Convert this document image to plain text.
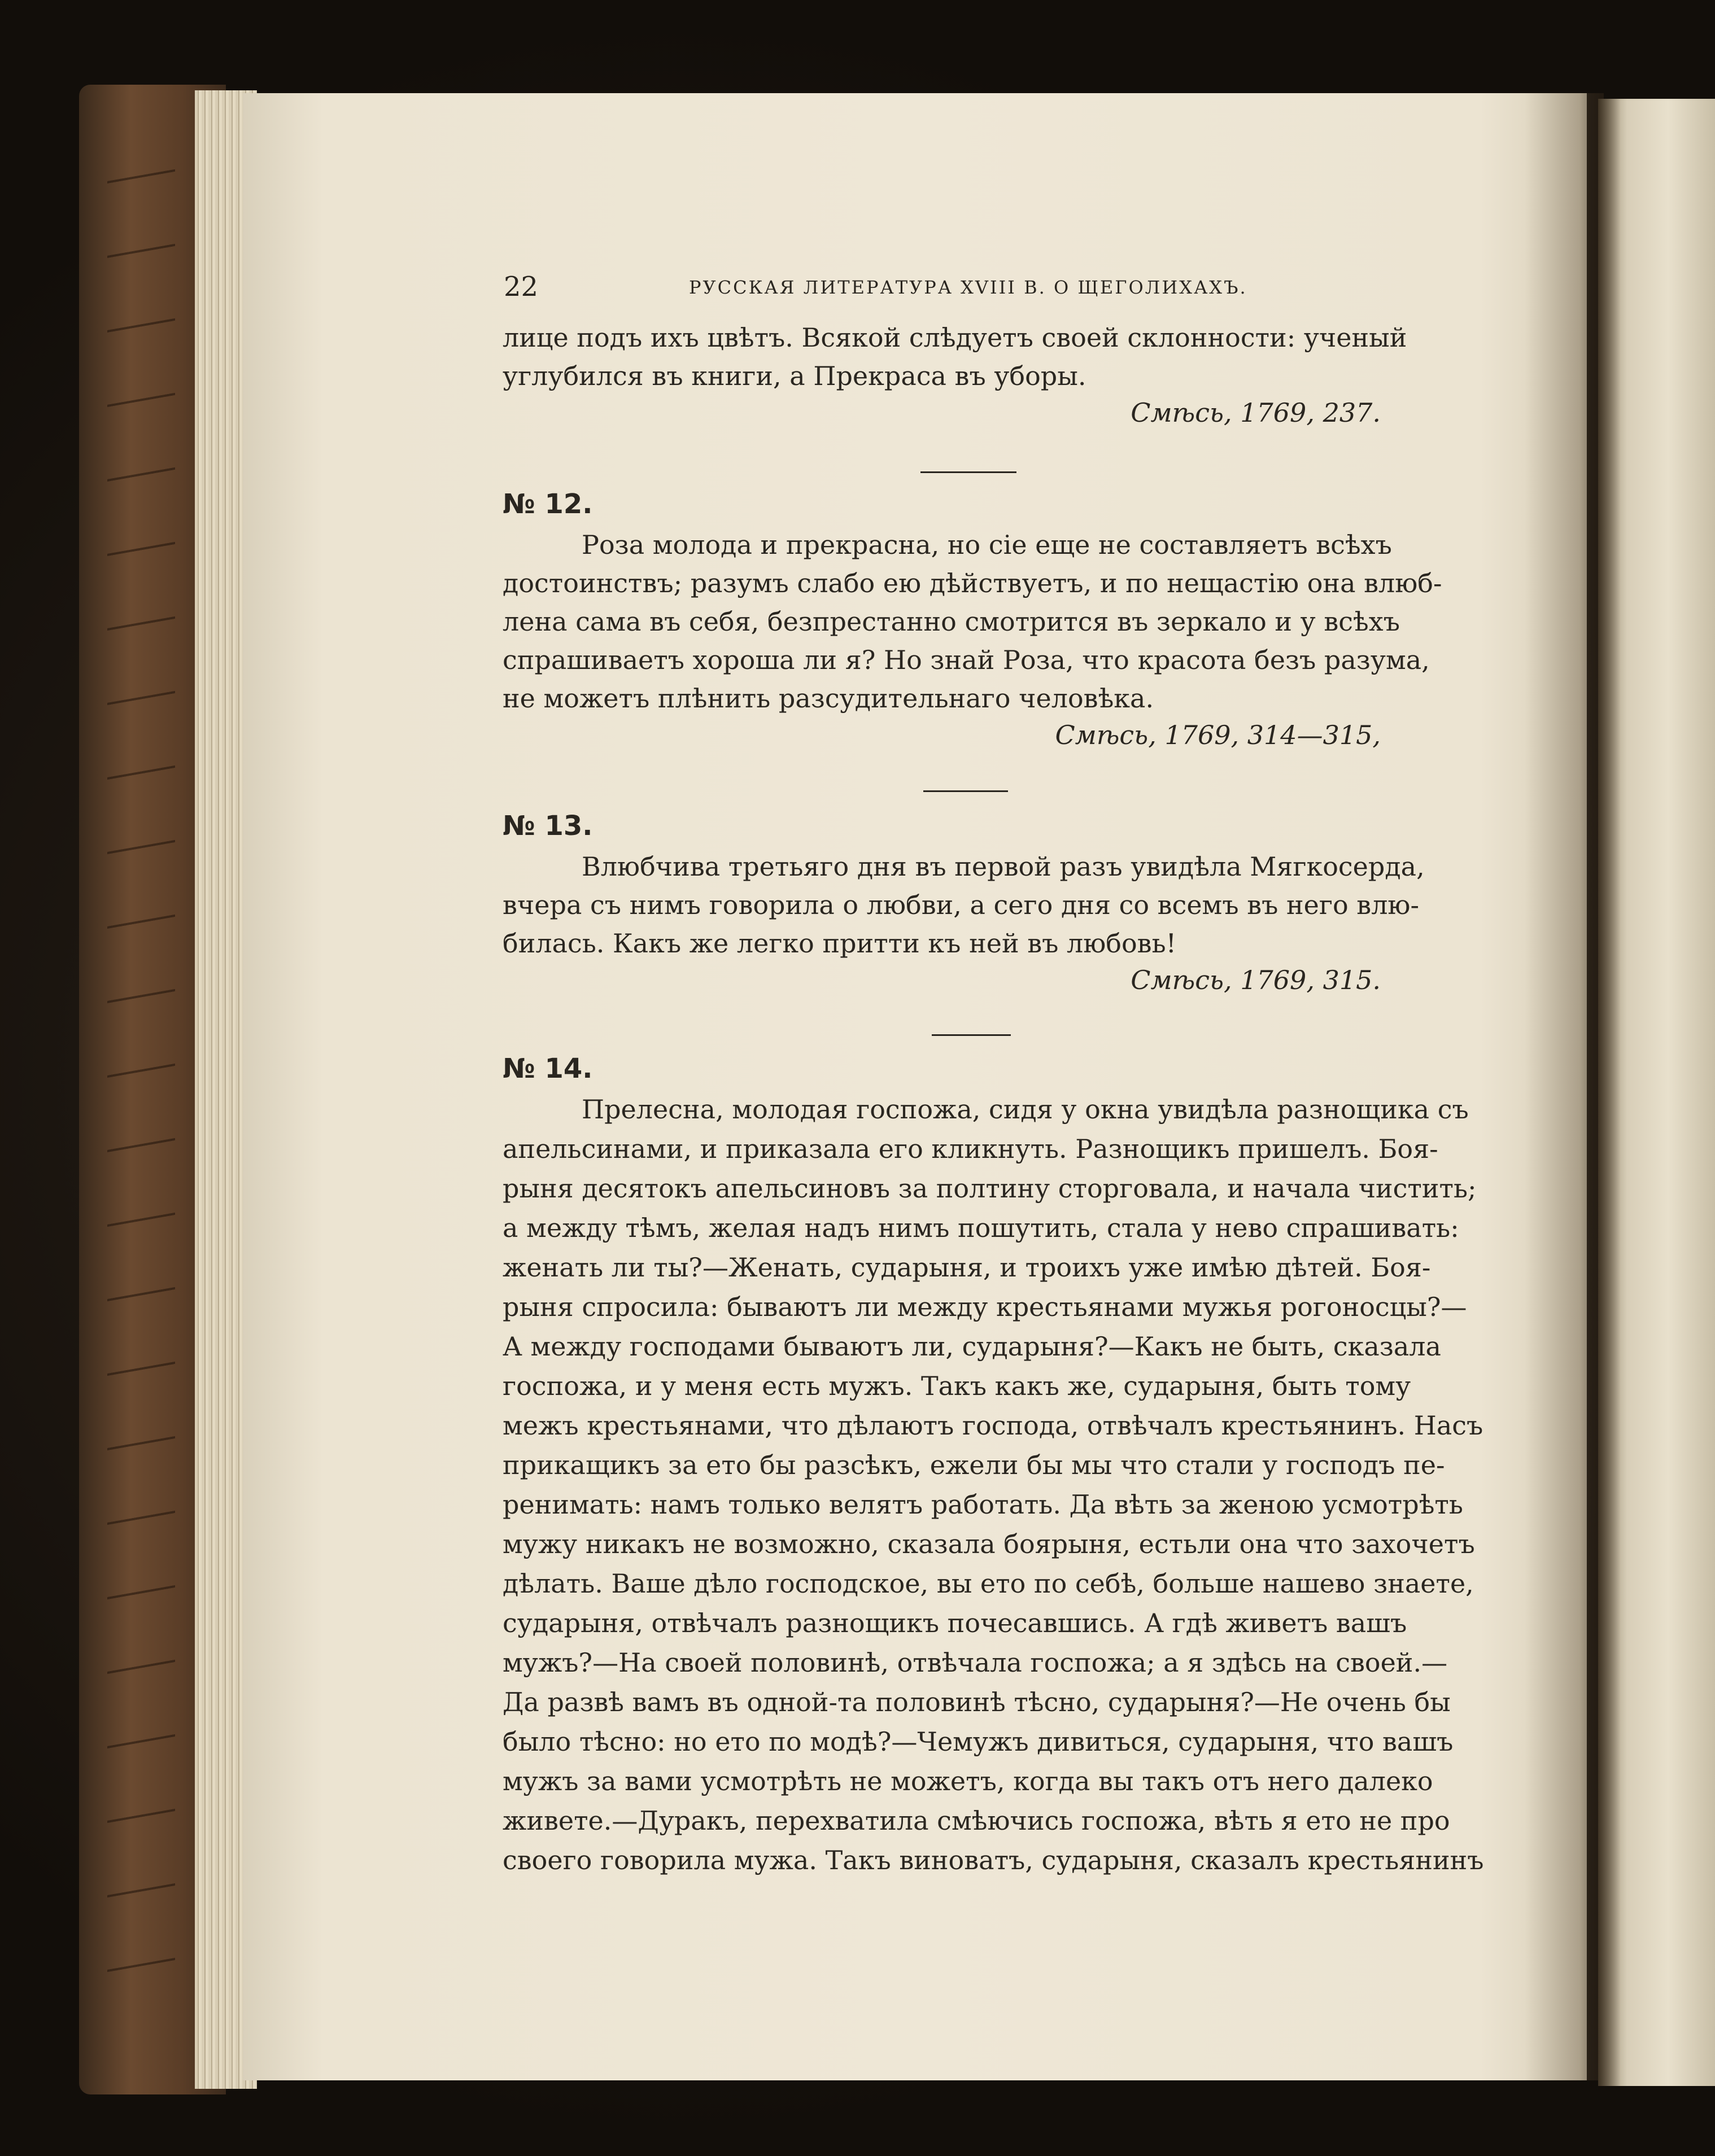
22	РУССКАЯ ЛИТЕРАТУРА XVIII В. О ЩЕГОЛИХАХЪ.
лице подъ ихъ цвѣтъ. Всякой слѣдуетъ своей склонности: ученый
углубился въ книги, а Прекраса въ уборы.
Смѣсь, 1769, 237.
№ 12.
Роза молода и прекрасна, но сіе еще не составляетъ всѣхъ
достоинствъ; разумъ слабо ею дѣйствуетъ, и по нещастію она влюб-
лена сама въ себя, безпрестанно смотрится въ зеркало и у всѣхъ
спрашиваетъ хороша ли я? Но знай Роза, что красота безъ разума,
не можетъ плѣнить разсудительнаго человѣка.
Смѣсь, 1769, 314—315,
№ 13.
Влюбчива третьяго дня въ первой разъ увидѣла Мягкосерда,
вчера съ нимъ говорила о любви, а сего дня со всемъ въ него влю-
билась. Какъ же легко притти къ ней въ любовь!
Смѣсь, 1769, 315.
№ 14.
Прелесна, молодая госпожа, сидя у окна увидѣла разнощика съ
апельсинами, и приказала его кликнуть. Разнощикъ пришелъ. Боя-
рыня десятокъ апельсиновъ за полтину сторговала, и начала чистить;
а между тѣмъ, желая надъ нимъ пошутить, стала у нево спрашивать:
женать ли ты?—Женать, сударыня, и троихъ уже имѣю дѣтей. Боя-
рыня спросила: бываютъ ли между крестьянами мужья рогоносцы?—
А между господами бываютъ ли, сударыня?—Какъ не быть, сказала
госпожа, и у меня есть мужъ. Такъ какъ же, сударыня, быть тому
межъ крестьянами, что дѣлаютъ господа, отвѣчалъ крестьянинъ. Насъ
прикащикъ за ето бы разсѣкъ, ежели бы мы что стали у господъ пе-
ренимать: намъ только велятъ работать. Да вѣть за женою усмотрѣть
мужу никакъ не возможно, сказала боярыня, естьли она что захочетъ
дѣлать. Ваше дѣло господское, вы ето по себѣ, больше нашево знаете,
сударыня, отвѣчалъ разнощикъ почесавшись. А гдѣ живетъ вашъ
мужъ?—На своей половинѣ, отвѣчала госпожа; а я здѣсь на своей.—
Да развѣ вамъ въ одной-та половинѣ тѣсно, сударыня?—Не очень бы
было тѣсно: но ето по модѣ?—Чемужъ дивиться, сударыня, что вашъ
мужъ за вами усмотрѣть не можетъ, когда вы такъ отъ него далеко
живете.—Дуракъ, перехватила смѣючись госпожа, вѣть я ето не про
своего говорила мужа. Такъ виноватъ, сударыня, сказалъ крестьянинъ
